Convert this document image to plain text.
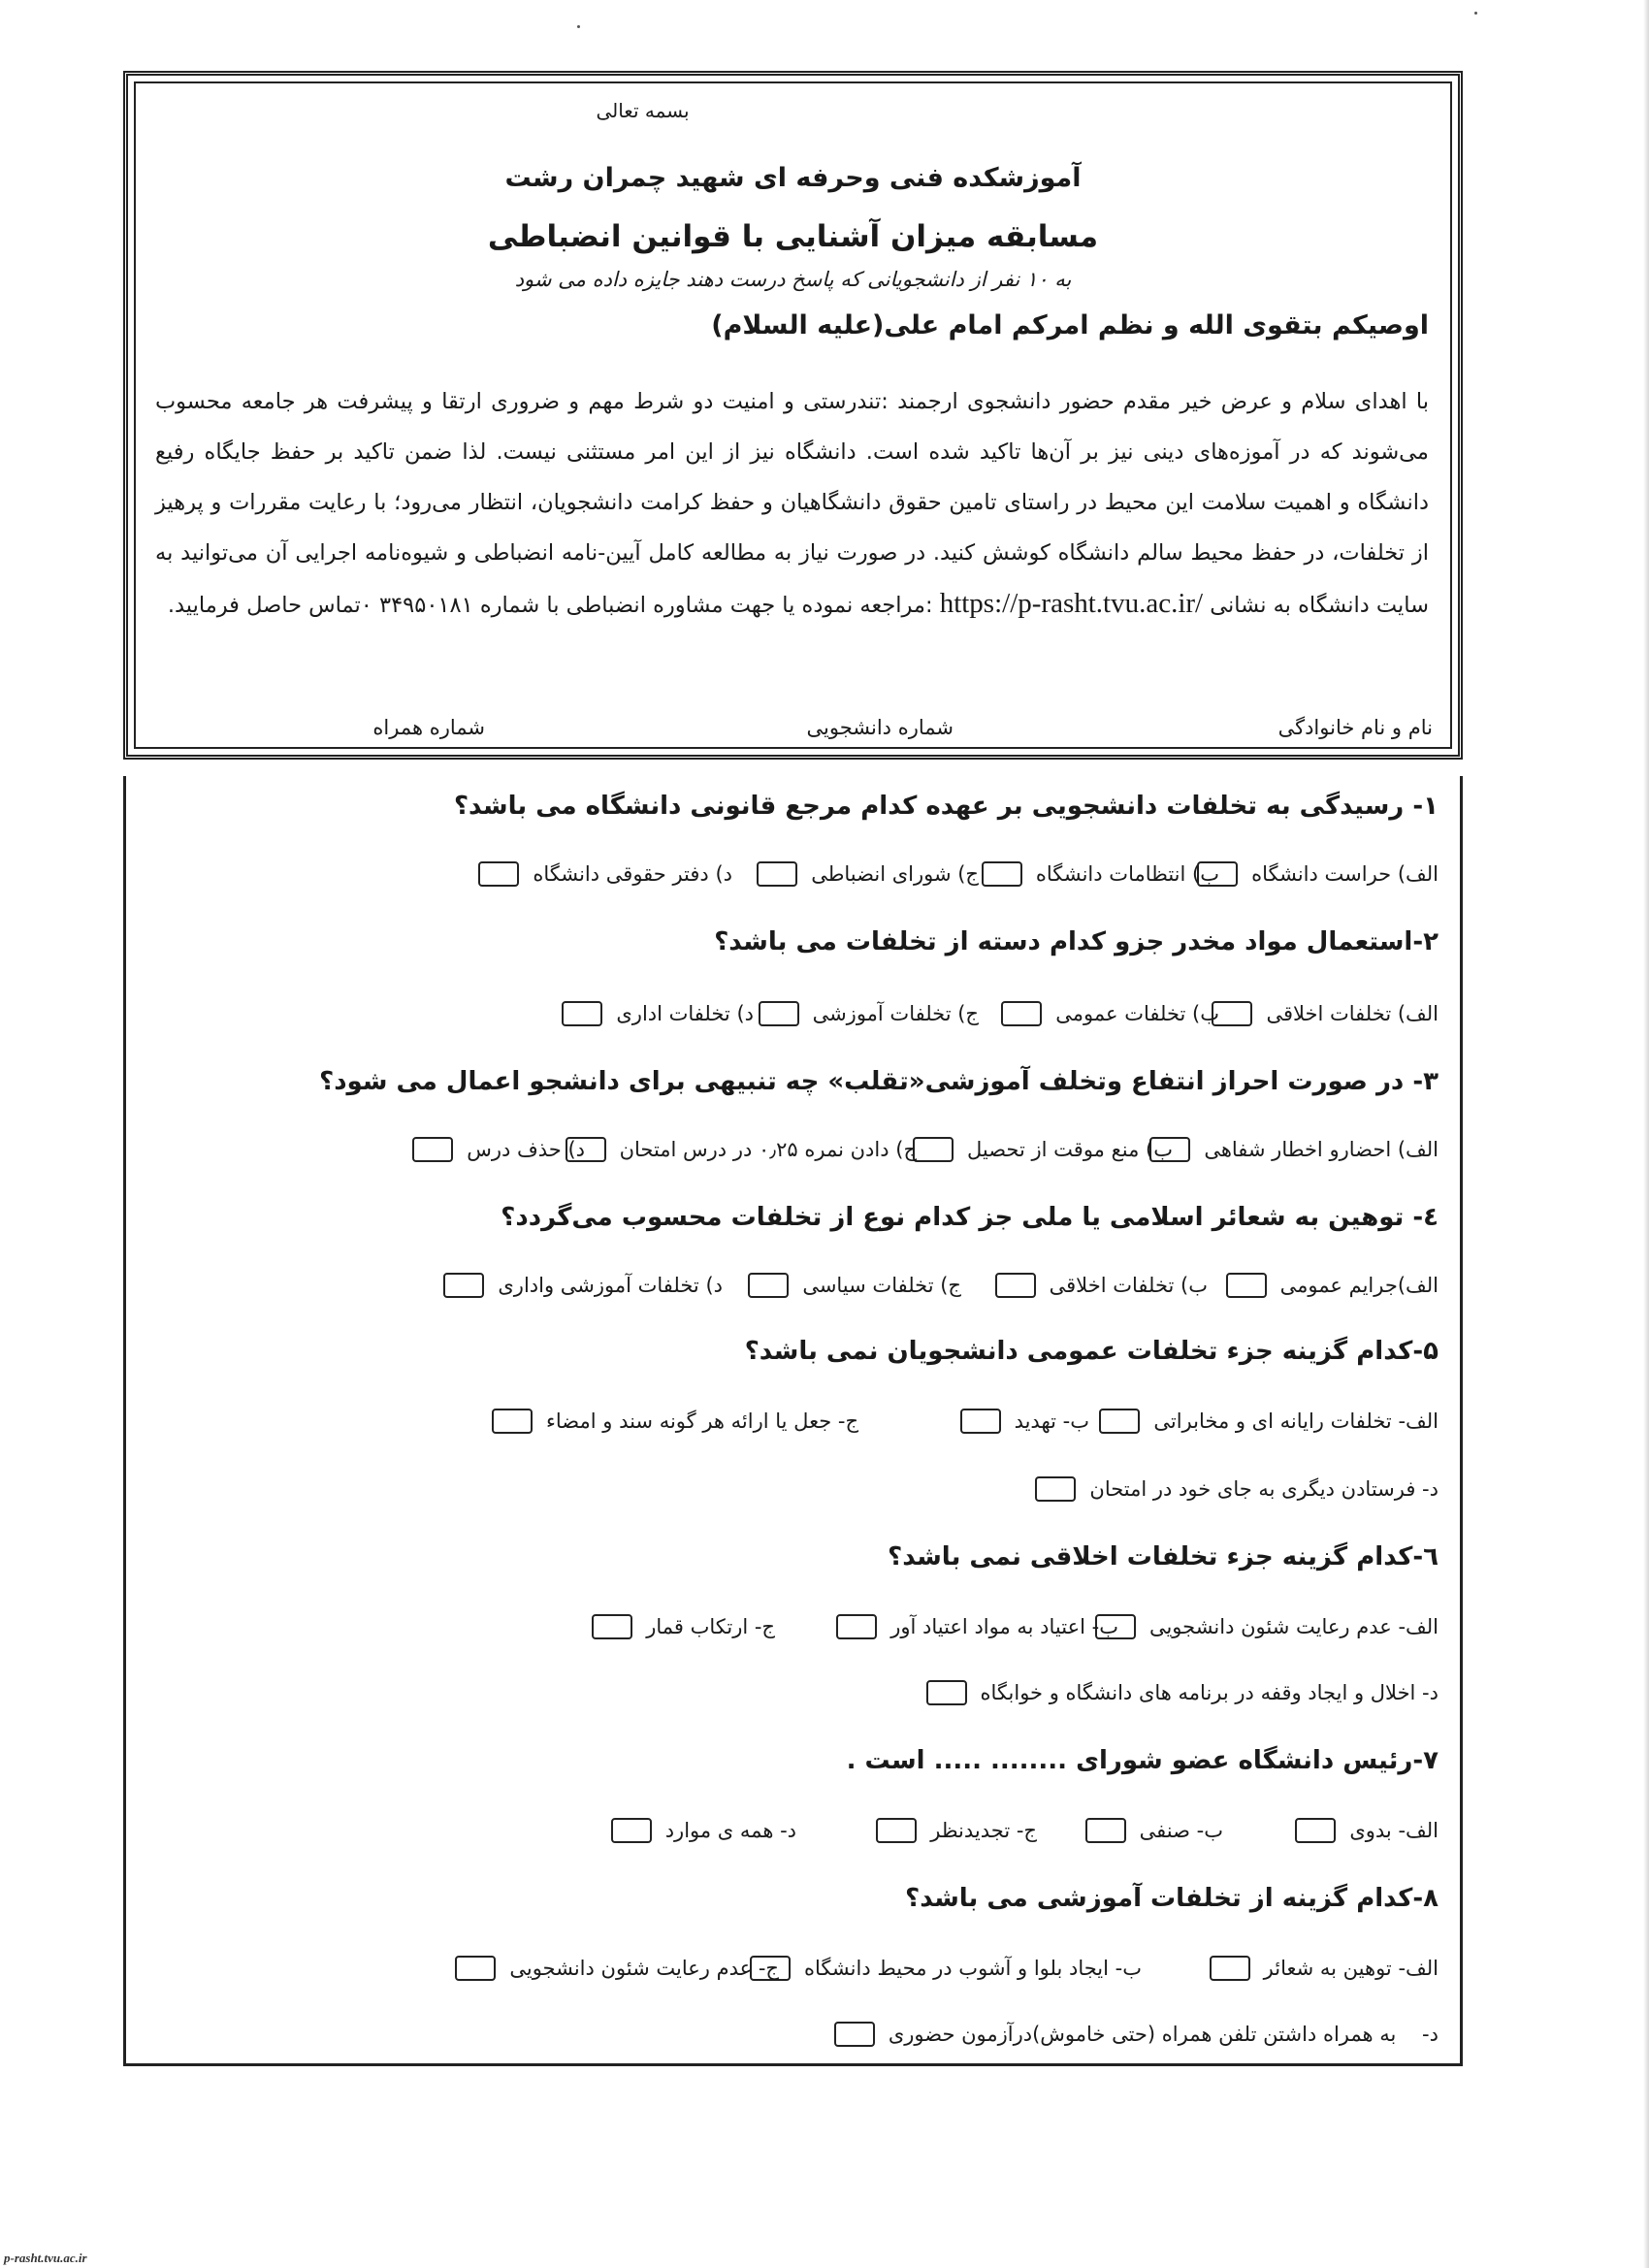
بسمه تعالی
آموزشکده فنی وحرفه ای شهید چمران رشت
مسابقه میزان آشنایی با قوانین انضباطی
به ۱۰ نفر از دانشجویانی که پاسخ درست دهند جایزه داده می شود
اوصیکم بتقوی الله و نظم امرکم امام علی(علیه السلام)
با اهدای سلام و عرض خیر مقدم حضور دانشجوی ارجمند :تندرستی و امنیت دو شرط مهم و ضروری ارتقا و پیشرفت هر جامعه محسوب می‌شوند که در آموزه‌های دینی نیز بر آن‌ها تاکید شده است. دانشگاه نیز از این امر مستثنی نیست. لذا ضمن تاکید بر حفظ جایگاه رفیع دانشگاه و اهمیت سلامت این محیط در راستای تامین حقوق دانشگاهیان و حفظ کرامت دانشجویان، انتظار می‌رود؛ با رعایت مقررات و پرهیز از تخلفات، در حفظ محیط سالم دانشگاه کوشش کنید. در صورت نیاز به مطالعه کامل آیین-نامه انضباطی و شیوه‌نامه اجرایی آن می‌توانید به سایت دانشگاه به نشانی https://p-rasht.tvu.ac.ir/ :مراجعه نموده یا جهت مشاوره انضباطی با شماره ۳۴۹۵۰۱۸۱ ۰تماس حاصل فرمایید.
نام و نام خانوادگی
شماره دانشجویی
شماره همراه
۱- رسیدگی به تخلفات دانشجویی بر عهده کدام مرجع قانونی دانشگاه می باشد؟
الف) حراست دانشگاه
ب) انتظامات دانشگاه
ج) شورای انضباطی
د) دفتر حقوقی دانشگاه
۲-استعمال مواد مخدر جزو کدام دسته از تخلفات می باشد؟
الف) تخلفات اخلاقی
ب) تخلفات عمومی
ج) تخلفات آموزشی
د) تخلفات اداری
۳- در صورت احراز انتفاع وتخلف آموزشی«تقلب» چه تنبیهی برای دانشجو اعمال می شود؟
الف) احضارو اخطار شفاهی
ب) منع موقت از تحصیل
ج) دادن نمره ۰٫۲۵ در درس امتحان
د) حذف درس
٤- توهین به شعائر اسلامی یا ملی جز کدام نوع از تخلفات محسوب می‌گردد؟
الف)جرایم عمومی
ب) تخلفات اخلاقی
ج) تخلفات سیاسی
د) تخلفات آموزشی واداری
۵-کدام گزینه جزء تخلفات عمومی دانشجویان نمی باشد؟
الف- تخلفات رایانه ای و مخابراتی
ب- تهدید
ج- جعل یا ارائه هر گونه سند و امضاء
د- فرستادن دیگری به جای خود در امتحان
٦-کدام گزینه جزء تخلفات اخلاقی نمی باشد؟
الف- عدم رعایت شئون دانشجویی
ب- اعتیاد به مواد اعتیاد آور
ج- ارتکاب قمار
د- اخلال و ایجاد وقفه در برنامه های دانشگاه و خوابگاه
۷-رئیس دانشگاه عضو شورای ........ ..... است .
الف- بدوی
ب- صنفی
ج- تجدیدنظر
د- همه ی موارد
۸-کدام گزینه از تخلفات آموزشی می باشد؟
الف- توهین به شعائر
ب- ایجاد بلوا و آشوب در محیط دانشگاه
ج- عدم رعایت شئون دانشجویی
د-    به همراه داشتن تلفن همراه (حتی خاموش)درآزمون حضوری
p-rasht.tvu.ac.ir
